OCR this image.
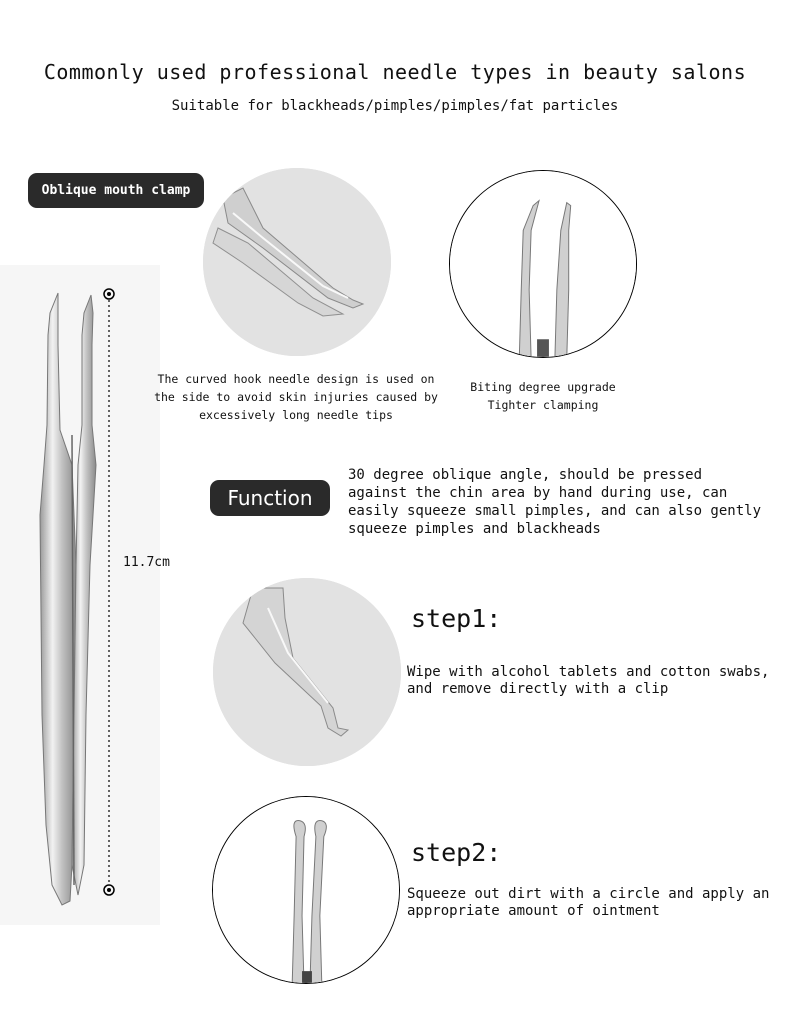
Commonly used professional needle types in beauty salons
Suitable for blackheads/pimples/pimples/fat particles
Oblique mouth clamp
11.7cm
The curved hook needle design is used on the side to avoid skin injuries caused by excessively long needle tips
Biting degree upgrade
Tighter clamping
Function
30 degree oblique angle, should be pressed against the chin area by hand during use, can easily squeeze small pimples, and can also gently squeeze pimples and blackheads
step1:
Wipe with alcohol tablets and cotton swabs, and remove directly with a clip
step2:
Squeeze out dirt with a circle and apply an appropriate amount of ointment
